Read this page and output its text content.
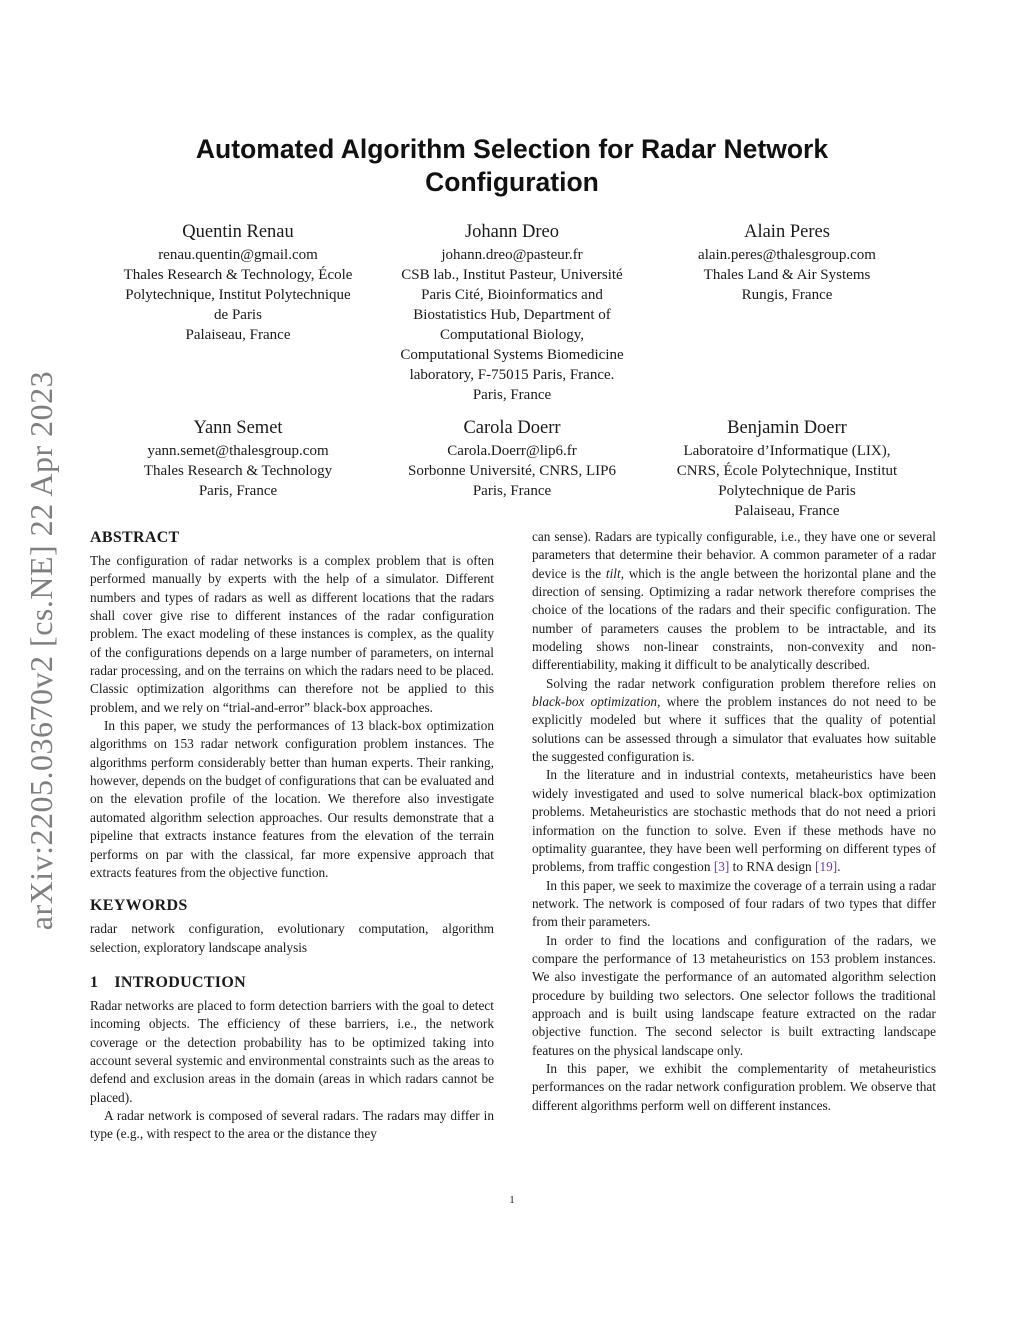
arXiv:2205.03670v2 [cs.NE] 22 Apr 2023
Automated Algorithm Selection for Radar Network
Configuration
Quentin Renau
renau.quentin@gmail.com
Thales Research & Technology, École
Polytechnique, Institut Polytechnique
de Paris
Palaiseau, France
Johann Dreo
johann.dreo@pasteur.fr
CSB lab., Institut Pasteur, Université
Paris Cité, Bioinformatics and
Biostatistics Hub, Department of
Computational Biology,
Computational Systems Biomedicine
laboratory, F-75015 Paris, France.
Paris, France
Alain Peres
alain.peres@thalesgroup.com
Thales Land & Air Systems
Rungis, France
Yann Semet
yann.semet@thalesgroup.com
Thales Research & Technology
Paris, France
Carola Doerr
Carola.Doerr@lip6.fr
Sorbonne Université, CNRS, LIP6
Paris, France
Benjamin Doerr
Laboratoire d’Informatique (LIX),
CNRS, École Polytechnique, Institut
Polytechnique de Paris
Palaiseau, France
ABSTRACT

The configuration of radar networks is a complex problem that is often performed manually by experts with the help of a simulator. Different numbers and types of radars as well as different locations that the radars shall cover give rise to different instances of the radar configuration problem. The exact modeling of these instances is complex, as the quality of the configurations depends on a large number of parameters, on internal radar processing, and on the terrains on which the radars need to be placed. Classic optimization algorithms can therefore not be applied to this problem, and we rely on “trial-and-error” black-box approaches.

In this paper, we study the performances of 13 black-box optimization algorithms on 153 radar network configuration problem instances. The algorithms perform considerably better than human experts. Their ranking, however, depends on the budget of configurations that can be evaluated and on the elevation profile of the location. We therefore also investigate automated algorithm selection approaches. Our results demonstrate that a pipeline that extracts instance features from the elevation of the terrain performs on par with the classical, far more expensive approach that extracts features from the objective function.

KEYWORDS

radar network configuration, evolutionary computation, algorithm selection, exploratory landscape analysis

1 INTRODUCTION

Radar networks are placed to form detection barriers with the goal to detect incoming objects. The efficiency of these barriers, i.e., the network coverage or the detection probability has to be optimized taking into account several systemic and environmental constraints such as the areas to defend and exclusion areas in the domain (areas in which radars cannot be placed).

A radar network is composed of several radars. The radars may differ in type (e.g., with respect to the area or the distance they

can sense). Radars are typically configurable, i.e., they have one or several parameters that determine their behavior. A common parameter of a radar device is the tilt, which is the angle between the horizontal plane and the direction of sensing. Optimizing a radar network therefore comprises the choice of the locations of the radars and their specific configuration. The number of parameters causes the problem to be intractable, and its modeling shows non-linear constraints, non-convexity and non-differentiability, making it difficult to be analytically described.

Solving the radar network configuration problem therefore relies on black-box optimization, where the problem instances do not need to be explicitly modeled but where it suffices that the quality of potential solutions can be assessed through a simulator that evaluates how suitable the suggested configuration is.

In the literature and in industrial contexts, metaheuristics have been widely investigated and used to solve numerical black-box optimization problems. Metaheuristics are stochastic methods that do not need a priori information on the function to solve. Even if these methods have no optimality guarantee, they have been well performing on different types of problems, from traffic congestion [3] to RNA design [19].

In this paper, we seek to maximize the coverage of a terrain using a radar network. The network is composed of four radars of two types that differ from their parameters.

In order to find the locations and configuration of the radars, we compare the performance of 13 metaheuristics on 153 problem instances. We also investigate the performance of an automated algorithm selection procedure by building two selectors. One selector follows the traditional approach and is built using landscape feature extracted on the radar objective function. The second selector is built extracting landscape features on the physical landscape only.

In this paper, we exhibit the complementarity of metaheuristics performances on the radar network configuration problem. We observe that different algorithms perform well on different instances.

1
